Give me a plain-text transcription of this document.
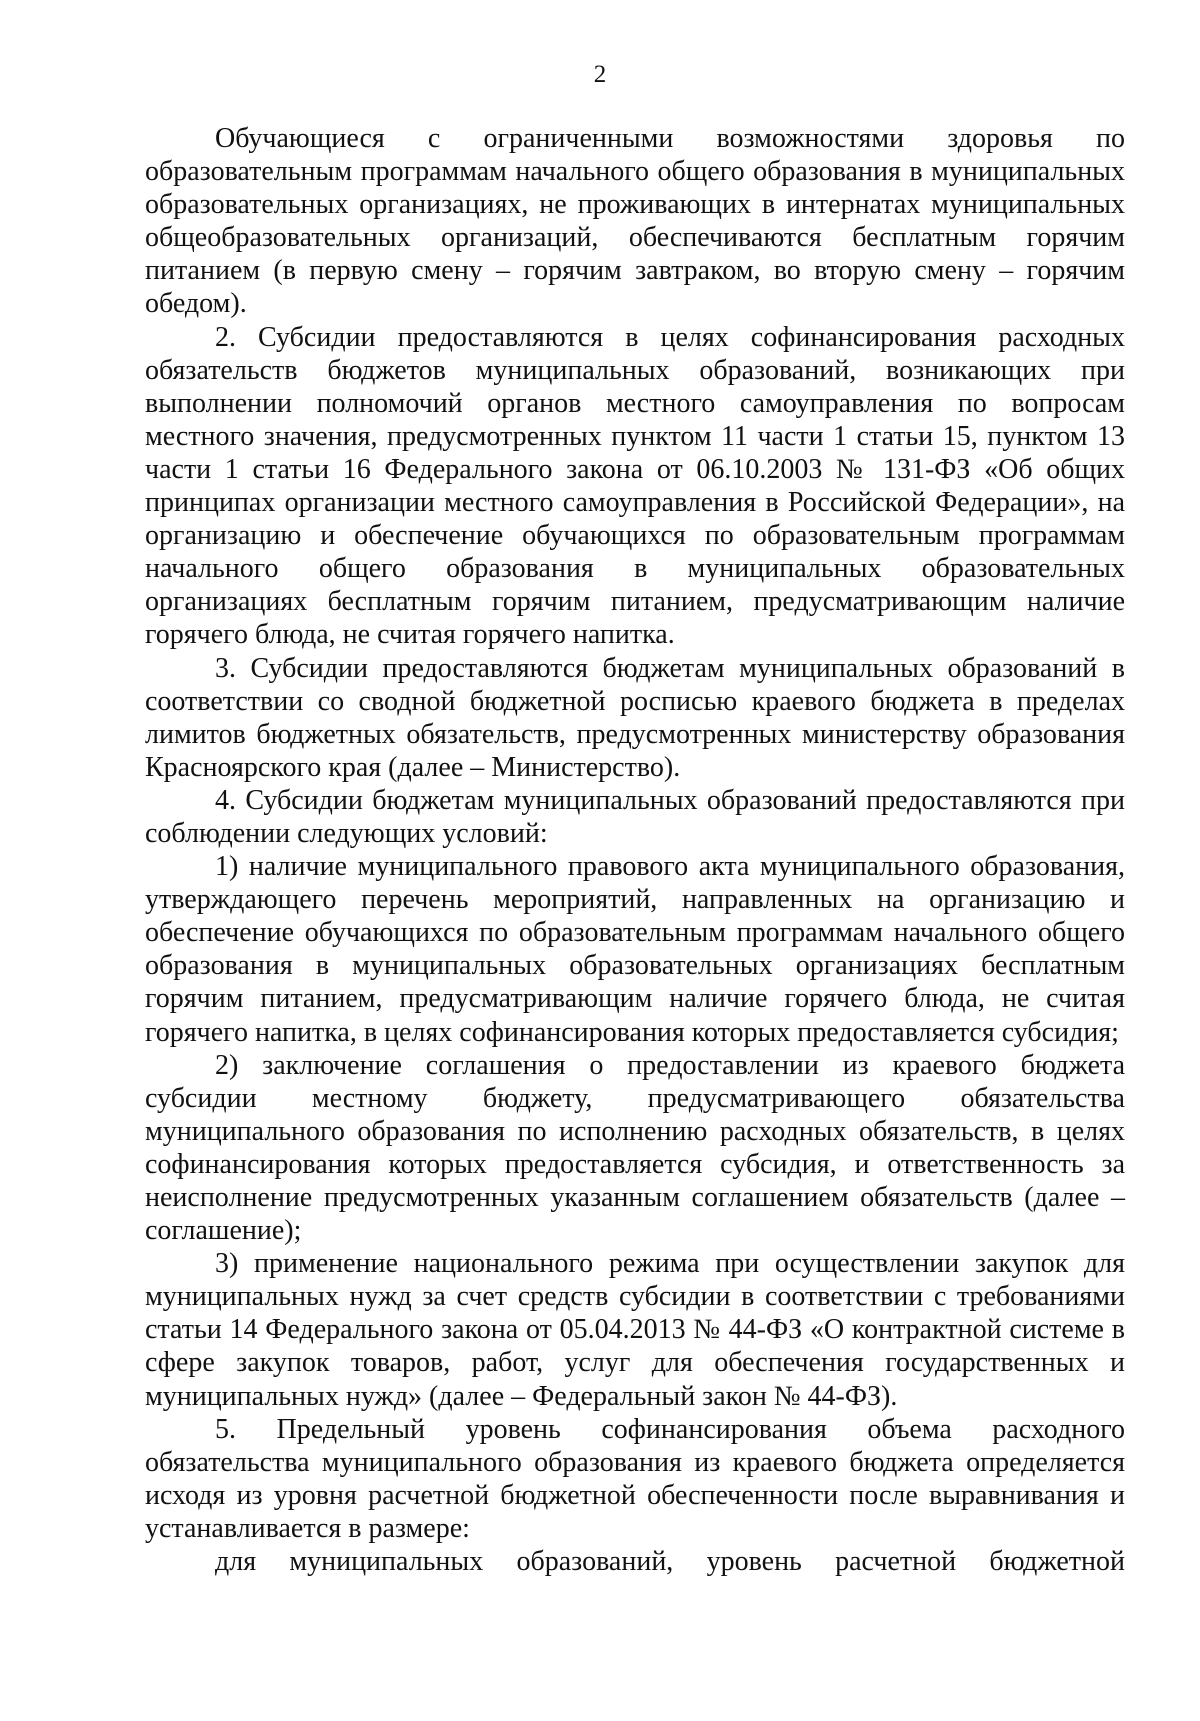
2

Обучающиеся с ограниченными возможностями здоровья по образовательным программам начального общего образования в муниципальных образовательных организациях, не проживающих в интернатах муниципальных общеобразовательных организаций, обеспечиваются бесплатным горячим питанием (в первую смену – горячим завтраком, во вторую смену – горячим обедом).

2. Субсидии предоставляются в целях софинансирования расходных обязательств бюджетов муниципальных образований, возникающих при выполнении полномочий органов местного самоуправления по вопросам местного значения, предусмотренных пунктом 11 части 1 статьи 15, пунктом 13 части 1 статьи 16 Федерального закона от 06.10.2003 № 131-ФЗ «Об общих принципах организации местного самоуправления в Российской Федерации», на организацию и обеспечение обучающихся по образовательным программам начального общего образования в муниципальных образовательных организациях бесплатным горячим питанием, предусматривающим наличие горячего блюда, не считая горячего напитка.

3. Субсидии предоставляются бюджетам муниципальных образований в соответствии со сводной бюджетной росписью краевого бюджета в пределах лимитов бюджетных обязательств, предусмотренных министерству образования Красноярского края (далее – Министерство).

4. Субсидии бюджетам муниципальных образований предоставляются при соблюдении следующих условий:

1) наличие муниципального правового акта муниципального образования, утверждающего перечень мероприятий, направленных на организацию и обеспечение обучающихся по образовательным программам начального общего образования в муниципальных образовательных организациях бесплатным горячим питанием, предусматривающим наличие горячего блюда, не считая горячего напитка, в целях софинансирования которых предоставляется субсидия;

2) заключение соглашения о предоставлении из краевого бюджета субсидии местному бюджету, предусматривающего обязательства муниципального образования по исполнению расходных обязательств, в целях софинансирования которых предоставляется субсидия, и ответственность за неисполнение предусмотренных указанным соглашением обязательств (далее – соглашение);

3) применение национального режима при осуществлении закупок для муниципальных нужд за счет средств субсидии в соответствии с требованиями статьи 14 Федерального закона от 05.04.2013 № 44-ФЗ «О контрактной системе в сфере закупок товаров, работ, услуг для обеспечения государственных и муниципальных нужд» (далее – Федеральный закон № 44-ФЗ).

5. Предельный уровень софинансирования объема расходного обязательства муниципального образования из краевого бюджета определяется исходя из уровня расчетной бюджетной обеспеченности после выравнивания и устанавливается в размере:

для муниципальных образований, уровень расчетной бюджетной
